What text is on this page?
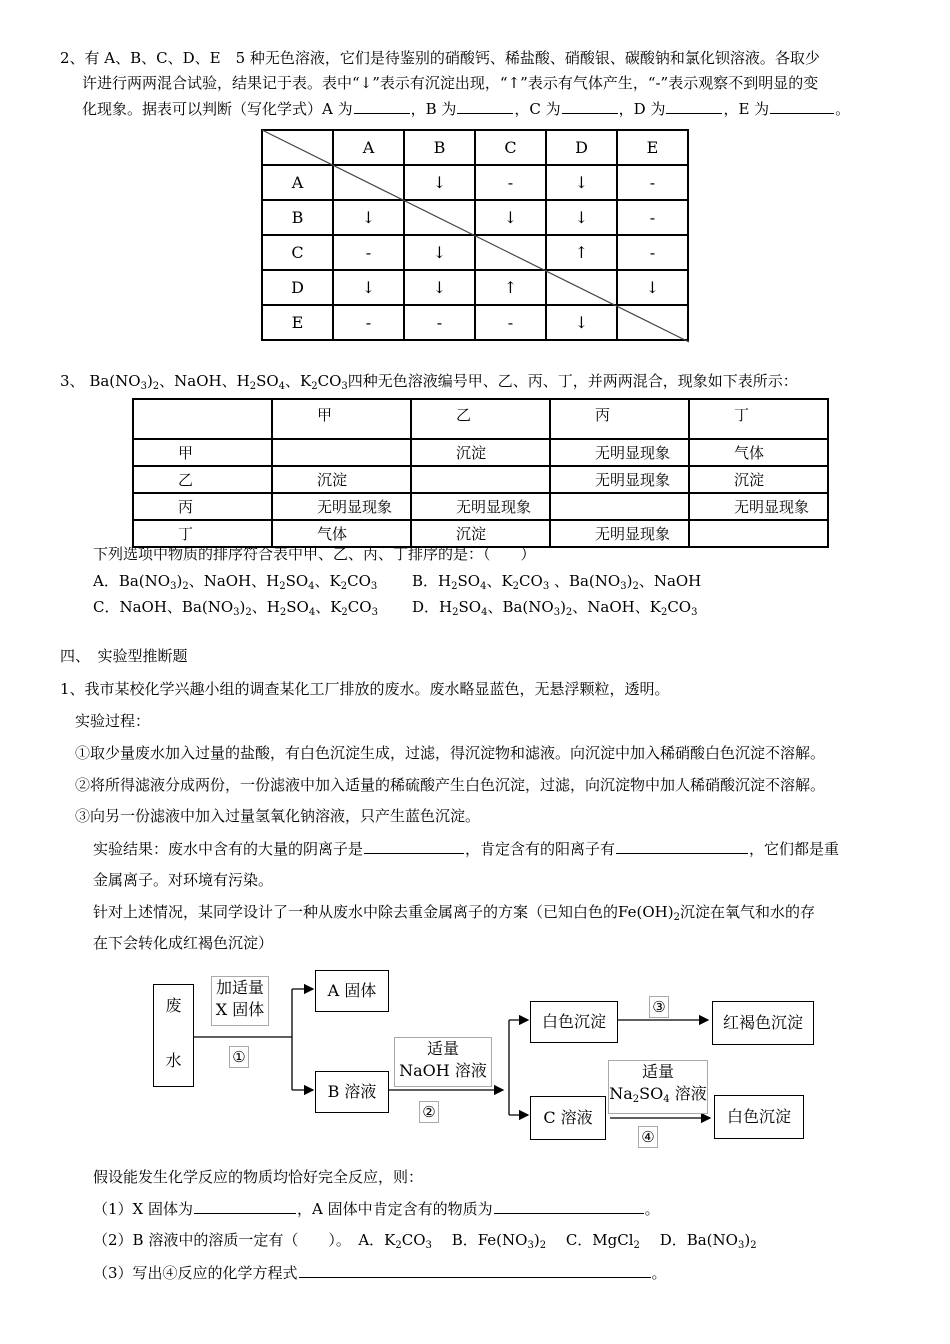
2、有 A、B、C、D、E　5 种无色溶液，它们是待鉴别的硝酸钙、稀盐酸、硝酸银、碳酸钠和氯化钡溶液。各取少
许进行两两混合试验，结果记于表。表中“↓”表示有沉淀出现，“↑”表示有气体产生，“-”表示观察不到明显的变
化现象。据表可以判断（写化学式）A 为	，B 为	，C 为	，D 为	，E 为	。
	A	B	C	D	E
A		↓	-	↓	-
B	↓		↓	↓	-
C	-	↓		↑	-
D	↓	↓	↑		↓
E	-	-	-	↓	
3、 $Ba(NO_3)_2$、NaOH、$H_2SO_4$、$K_2CO_3$四种无色溶液编号甲、乙、丙、丁，并两两混合，现象如下表所示：
	甲	乙	丙	丁
甲		沉淀	无明显现象	气体
乙	沉淀		无明显现象	沉淀
丙	无明显现象	无明显现象		无明显现象
丁	气体	沉淀	无明显现象	
下列选项中物质的排序符合表中甲、乙、丙、丁排序的是：（　　）
A．$Ba(NO_3)_2$、NaOH、$H_2SO_4$、$K_2CO_3$ B．$H_2SO_4$、$K_2CO_3$ 、$Ba(NO_3)_2$、NaOH
C．NaOH、$Ba(NO_3)_2$、$H_2SO_4$、$K_2CO_3$ D．$H_2SO_4$、$Ba(NO_3)_2$、NaOH、$K_2CO_3$
四、　实验型推断题
1、我市某校化学兴趣小组的调查某化工厂排放的废水。废水略显蓝色，无悬浮颗粒，透明。
实验过程：
①取少量废水加入过量的盐酸，有白色沉淀生成，过滤，得沉淀物和滤液。向沉淀中加入稀硝酸白色沉淀不溶解。
②将所得滤液分成两份，一份滤液中加入适量的稀硫酸产生白色沉淀，过滤，向沉淀物中加人稀硝酸沉淀不溶解。
③向另一份滤液中加入过量氢氧化钠溶液，只产生蓝色沉淀。
实验结果：废水中含有的大量的阴离子是	，肯定含有的阳离子有	，它们都是重
金属离子。对环境有污染。
针对上述情况，某同学设计了一种从废水中除去重金属离子的方案（已知白色的$Fe(OH)_2$沉淀在氧气和水的存
在下会转化成红褐色沉淀）
废
水
加适量
X 固体
①
A 固体
B 溶液
适量
NaOH 溶液
②
白色沉淀
③
红褐色沉淀
C 溶液
适量
$Na_2SO_4$ 溶液
④
白色沉淀
假设能发生化学反应的物质均恰好完全反应，则：
（1）X 固体为	，A 固体中肯定含有的物质为	。
（2）B 溶液中的溶质一定有（　　）。　A．$K_2CO_3$　 B．$Fe(NO_3)_2$　 C．MgCl$_2$　 D．$Ba(NO_3)_2$
（3）写出④反应的化学方程式	。
